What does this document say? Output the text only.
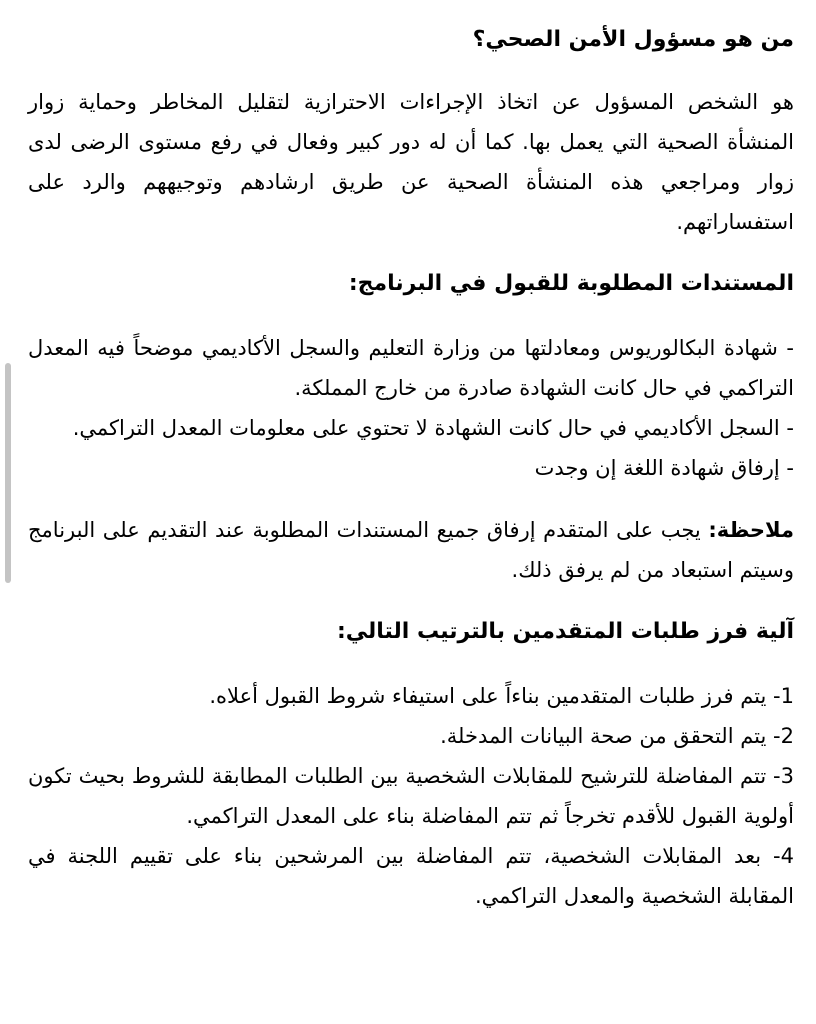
من هو مسؤول الأمن الصحي؟

هو الشخص المسؤول عن اتخاذ الإجراءات الاحترازية لتقليل المخاطر وحماية زوار المنشأة الصحية التي يعمل بها. كما أن له دور كبير وفعال في رفع مستوى الرضى لدى زوار ومراجعي هذه المنشأة الصحية عن طريق ارشادهم وتوجيههم والرد على استفساراتهم.

المستندات المطلوبة للقبول في البرنامج:

- شهادة البكالوريوس ومعادلتها من وزارة التعليم والسجل الأكاديمي موضحاً فيه المعدل التراكمي في حال كانت الشهادة صادرة من خارج المملكة.

- السجل الأكاديمي في حال كانت الشهادة لا تحتوي على معلومات المعدل التراكمي.

- إرفاق شهادة اللغة إن وجدت

ملاحظة: يجب على المتقدم إرفاق جميع المستندات المطلوبة عند التقديم على البرنامج وسيتم استبعاد من لم يرفق ذلك.

آلية فرز طلبات المتقدمين بالترتيب التالي:

1- يتم فرز طلبات المتقدمين بناءاً على استيفاء شروط القبول أعلاه.

2- يتم التحقق من صحة البيانات المدخلة.

3- تتم المفاضلة للترشيح للمقابلات الشخصية بين الطلبات المطابقة للشروط بحيث تكون أولوية القبول للأقدم تخرجاً ثم تتم المفاضلة بناء على المعدل التراكمي.

4- بعد المقابلات الشخصية، تتم المفاضلة بين المرشحين بناء على تقييم اللجنة في المقابلة الشخصية والمعدل التراكمي.
